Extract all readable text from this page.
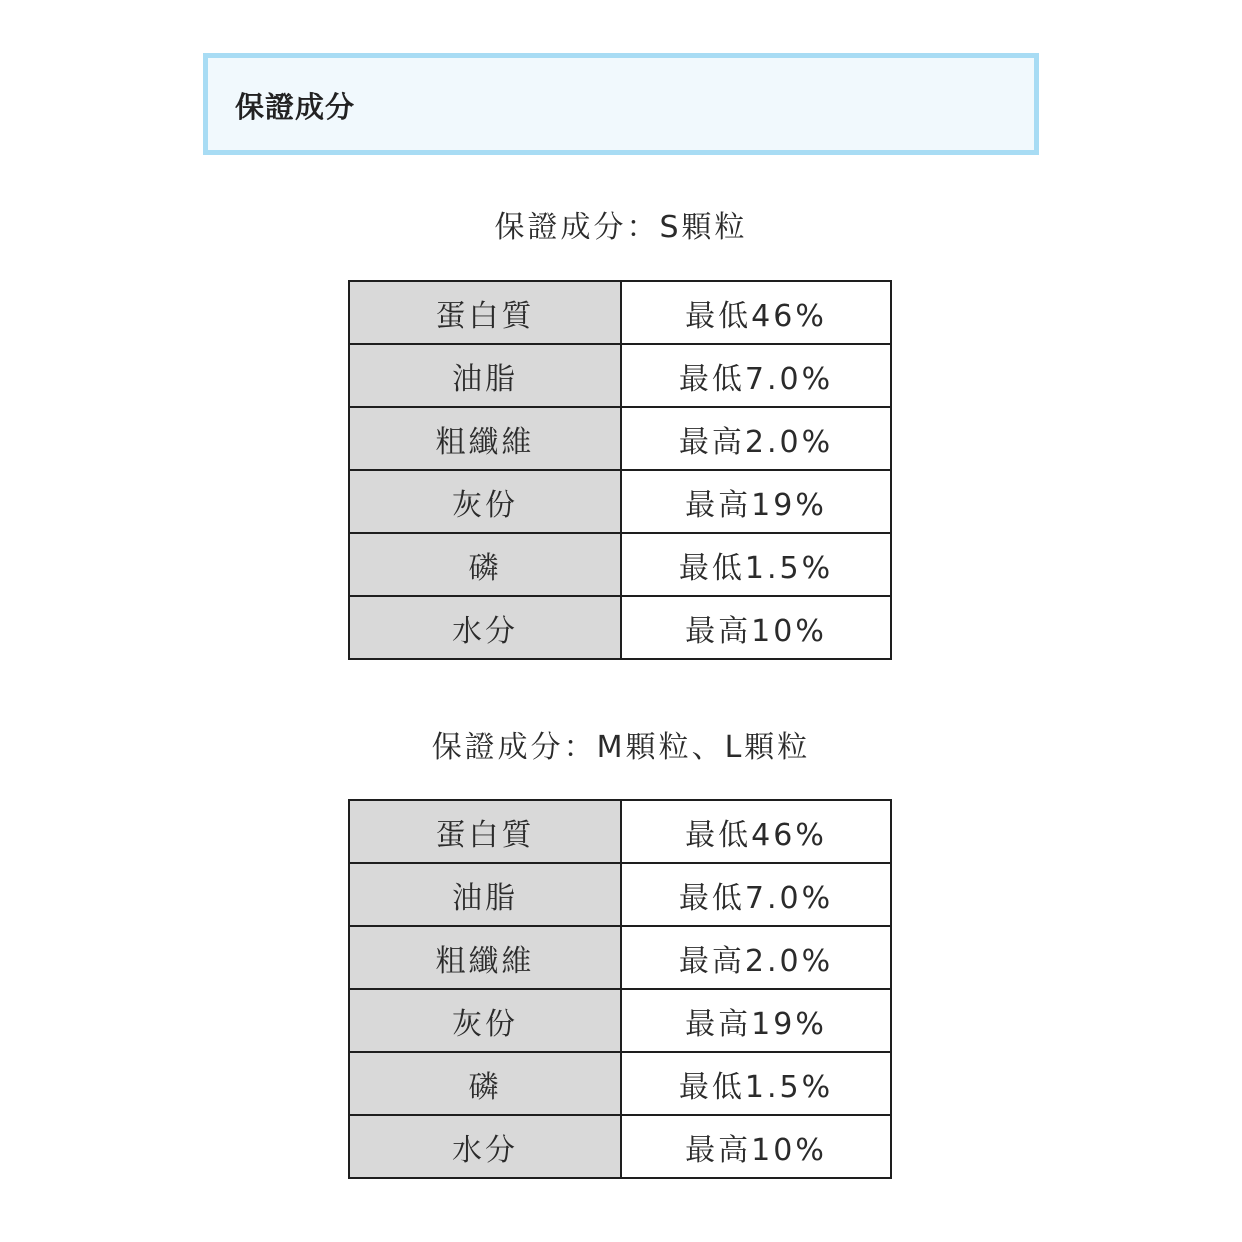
保證成分
保證成分：S顆粒
蛋白質	最低46%
油脂	最低7.0%
粗纖維	最高2.0%
灰份	最高19%
磷	最低1.5%
水分	最高10%
保證成分：M顆粒、L顆粒
蛋白質	最低46%
油脂	最低7.0%
粗纖維	最高2.0%
灰份	最高19%
磷	最低1.5%
水分	最高10%
